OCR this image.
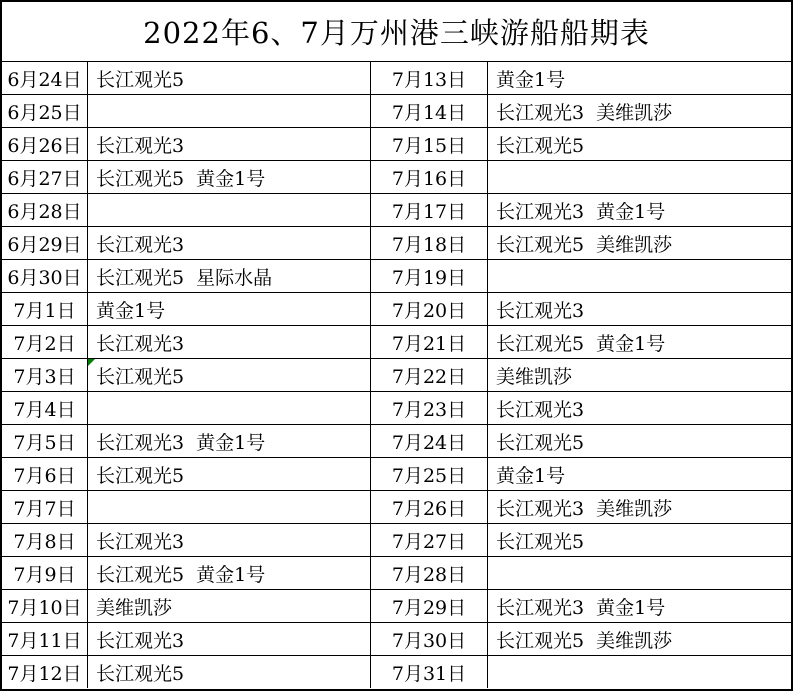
2022年6、7月万州港三峡游船船期表
6月24日 长江观光5	7月13日	黄金1号
6月25日	7月14日	长江观光3  美维凯莎
6月26日 长江观光3	7月15日	长江观光5
6月27日 长江观光5  黄金1号	7月16日
6月28日	7月17日	长江观光3  黄金1号
6月29日 长江观光3	7月18日	长江观光5  美维凯莎
6月30日 长江观光5  星际水晶	7月19日
7月1日	黄金1号	7月20日	长江观光3
7月2日	长江观光3	7月21日	长江观光5  黄金1号
7月3日	长江观光5	7月22日	美维凯莎
7月4日	7月23日	长江观光3
7月5日	长江观光3  黄金1号	7月24日	长江观光5
7月6日	长江观光5	7月25日	黄金1号
7月7日	7月26日	长江观光3  美维凯莎
7月8日	长江观光3	7月27日	长江观光5
7月9日	长江观光5  黄金1号	7月28日
7月10日 美维凯莎	7月29日	长江观光3  黄金1号
7月11日 长江观光3	7月30日	长江观光5  美维凯莎
7月12日 长江观光5	7月31日
